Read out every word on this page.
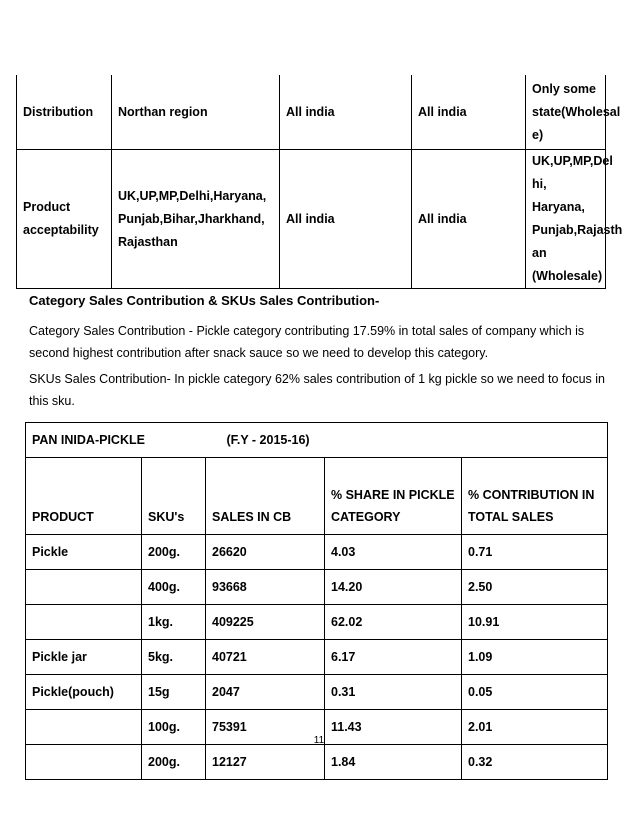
Distribution	Northan region	All india	All india	Only some state(Wholesal e)
Product acceptability	UK,UP,MP,Delhi,Haryana, Punjab,Bihar,Jharkhand, Rajasthan	All india	All india	UK,UP,MP,Del hi, Haryana, Punjab,Rajasth an (Wholesale)
Category Sales Contribution & SKUs Sales Contribution-
Category Sales Contribution - Pickle category contributing 17.59% in total sales of company which is second highest contribution after snack sauce so we need to develop this category.
SKUs Sales Contribution- In pickle category 62% sales contribution of 1 kg pickle so we need to focus in this sku.
PAN INIDA-PICKLE (F.Y - 2015-16)				
PRODUCT	SKU's	SALES IN CB	% SHARE IN PICKLE CATEGORY	% CONTRIBUTION IN TOTAL SALES
Pickle	200g.	26620	4.03	0.71
	400g.	93668	14.20	2.50
	1kg.	409225	62.02	10.91
Pickle jar	5kg.	40721	6.17	1.09
Pickle(pouch)	15g	2047	0.31	0.05
	100g.	75391	11.43	2.01
	200g.	12127	1.84	0.32
11
